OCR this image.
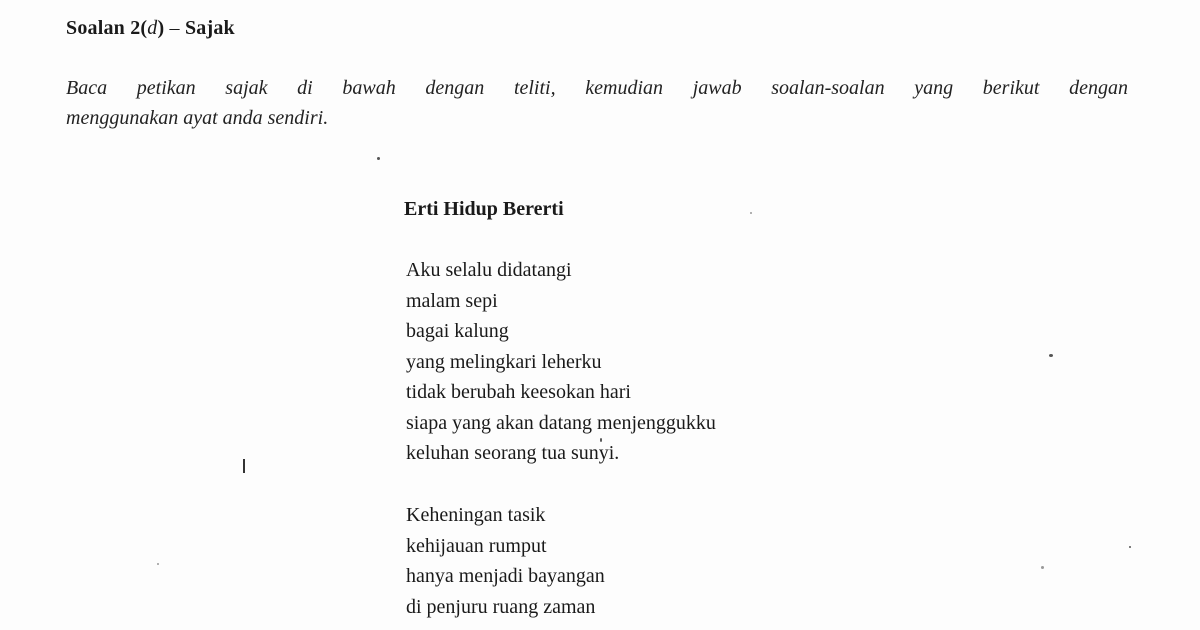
Soalan 2(d) – Sajak
Baca petikan sajak di bawah dengan teliti, kemudian jawab soalan-soalan yang berikut dengan
menggunakan ayat anda sendiri.
Erti Hidup Bererti
Aku selalu didatangi
malam sepi
bagai kalung
yang melingkari leherku
tidak berubah keesokan hari
siapa yang akan datang menjenggukku
keluhan seorang tua sunyi.
Keheningan tasik
kehijauan rumput
hanya menjadi bayangan
di penjuru ruang zaman
